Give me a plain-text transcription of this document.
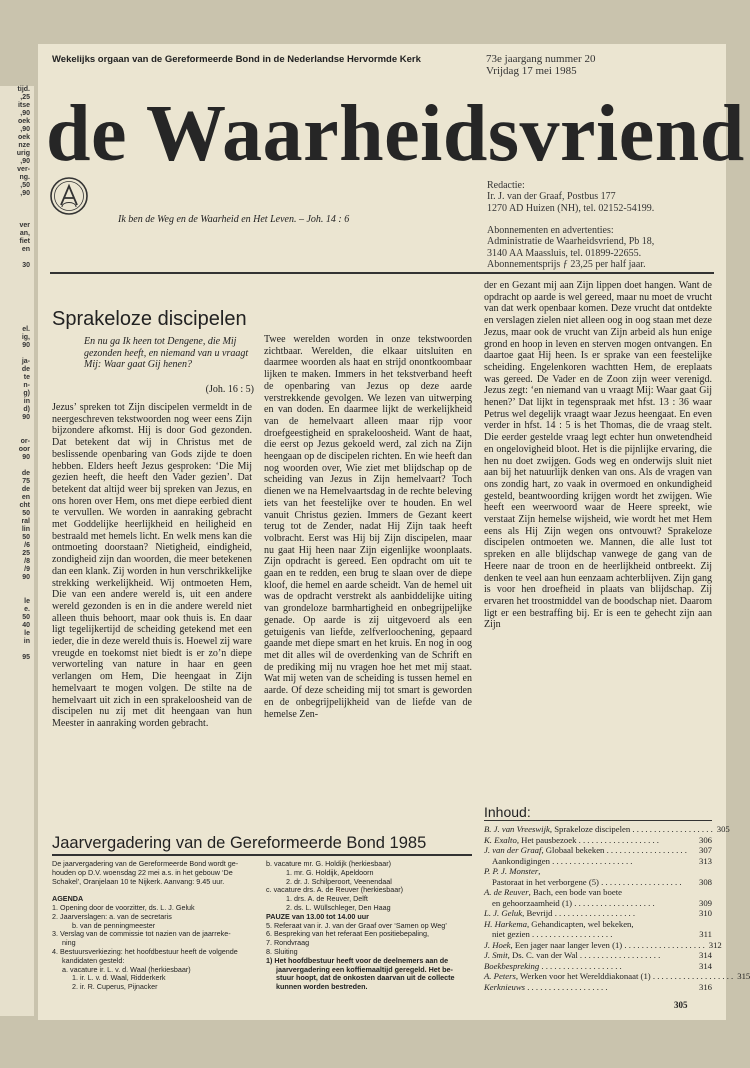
tijd.
,25
itse
,90
oek
,90
oek
nze
urig
,90
ver-
ng.
,50
,90

ver
an,
fiet
en

30

el.
ig,
90

ja-
de
te
n-
g)
in
d)
90

or-
oor
90

de
75
de
en
cht
50
ral
lin
50
/6
25
/8
/9
90

le
e.
50
40
le
in

95
Wekelijks orgaan van de Gereformeerde Bond in de Nederlandse Hervormde Kerk	73e jaargang nummer 20
Vrijdag 17 mei 1985
de Waarheidsvriend
Ik ben de Weg en de Waarheid en Het Leven. – Joh. 14 : 6
Redactie:
Ir. J. van der Graaf, Postbus 177
1270 AD Huizen (NH), tel. 02152-54199.

Abonnementen en advertenties:
Administratie de Waarheidsvriend, Pb 18,
3140 AA Maassluis, tel. 01899-22655.
Abonnementsprijs ƒ 23,25 per half jaar.
Sprakeloze discipelen
En nu ga Ik heen tot Dengene, die Mij gezonden heeft, en niemand van u vraagt Mij: Waar gaat Gij henen?
(Joh. 16 : 5)

Jezus’ spreken tot Zijn discipelen vermeldt in de neergeschreven tekstwoorden nog weer eens Zijn bijzondere afkomst. Hij is door God gezonden. Dat betekent dat wij in Christus met de beslissende openbaring van Gods zijde te doen hebben. Elders heeft Jezus gesproken: ‘Die Mij gezien heeft, die heeft den Vader gezien’. Dat betekent dat altijd weer bij spreken van Jezus, en ons horen over Hem, ons met diepe eerbied dient te vervullen. We worden in aanraking gebracht met Goddelijke heerlijkheid en heiligheid en bestraald met hemels licht. En welk mens kan die ontmoeting doorstaan? Nietigheid, eindigheid, zondigheid zijn dan woorden, die meer betekenen dan een klank. Zij worden in hun verschrikkelijke strekking werkelijkheid. Wij ontmoeten Hem, Die van een andere wereld is, uit een andere wereld gezonden is en in die andere wereld niet alleen thuis behoort, maar ook thuis is. En daar ligt tegelijkertijd de scheiding getekend met een ieder, die in deze wereld thuis is. Hoewel zij ware vreugde en toekomst niet biedt is er zo’n diepe verworteling van nature in haar en geen verlangen om Hem, Die heengaat in Zijn hemelvaart te mogen volgen. De stilte na de hemelvaart uit zich in een sprakeloosheid van de discipelen nu zij met dit heengaan van hun Meester in aanraking worden gebracht.

Twee werelden worden in onze tekstwoorden zichtbaar. Werelden, die elkaar uitsluiten en daarmee woorden als haat en strijd onontkoombaar lijken te maken. Immers in het tekstverband heeft de openbaring van Jezus op deze aarde verstrekkende gevolgen. We lezen van uitwerping en van doden. En daarmee lijkt de werkelijkheid van de hemelvaart alleen maar rijp voor droefgeestigheid en sprakeloosheid. Want de haat, die eerst op Jezus gekoeld werd, zal zich na Zijn heengaan op de discipelen richten. En wie heeft dan nog woorden over, Wie ziet met blijdschap op de scheiding van Jezus in Zijn hemelvaart? Toch dienen we na Hemelvaartsdag in de rechte beleving iets van het feestelijke over te houden. En wel vanuit Christus gezien. Immers de Gezant keert terug tot de Zender, nadat Hij Zijn taak heeft volbracht. Eerst was Hij bij Zijn discipelen, maar nu gaat Hij heen naar Zijn eigenlijke woonplaats. Zijn opdracht is gereed. Een opdracht om uit te gaan en te redden, een brug te slaan over de diepe kloof, die hemel en aarde scheidt. Van de hemel uit was de opdracht verstrekt als aanbiddelijke uiting van grondeloze barmhartigheid en onbegrijpelijke genade. Op aarde is zij uitgevoerd als een getuigenis van liefde, zelfverloochening, gepaard gaande met diepe smart en het kruis. En nog in oog met dit alles wil de overdenking van de Schrift en de prediking mij nu vragen hoe het met mij staat. Wat mij weten van de scheiding is tussen hemel en aarde. Of deze scheiding mij tot smart is geworden en de onbegrijpelijkheid van de liefde van de hemelse Zen-

der en Gezant mij aan Zijn lippen doet hangen. Want de opdracht op aarde is wel gereed, maar nu moet de vrucht van dat werk openbaar komen. Deze vrucht dat ontdekte en verslagen zielen niet alleen oog in oog staan met deze Jezus, maar ook de vrucht van Zijn arbeid als hun enige grond en hoop in leven en sterven mogen ontvangen. En daartoe gaat Hij heen. Is er sprake van een feestelijke scheiding. Engelenkoren wachtten Hem, de ereplaats was gereed. De Vader en de Zoon zijn weer verenigd. Jezus zegt: ‘en niemand van u vraagt Mij: Waar gaat Gij henen?’ Dat lijkt in tegenspraak met hfst. 13 : 36 waar Petrus wel degelijk vraagt waar Jezus heengaat. En even verder in hfst. 14 : 5 is het Thomas, die de vraag stelt. Die eerder gestelde vraag legt echter hun onwetendheid en ongelovigheid bloot. Het is die pijnlijke ervaring, die hen nu doet zwijgen. Gods weg en onderwijs sluit niet aan bij het natuurlijk denken van ons. Als de vragen van ons zondig hart, zo vaak in overmoed en onkundigheid gesteld, beantwoording krijgen wordt het zwijgen. Wie heeft een weerwoord waar de Heere spreekt, wie verstaat Zijn hemelse wijsheid, wie wordt het met Hem eens als Hij Zijn wegen ons ontvouwt? Sprakeloze discipelen ontmoeten we. Mannen, die alle lust tot spreken en alle blijdschap vanwege de gang van de Heere naar de troon en de heerlijkheid ontbreekt. Zij denken te veel aan hun eenzaam achterblijven. Zijn gang is voor hen droefheid in plaats van blijdschap. Zij ervaren het troostmiddel van de boodschap niet. Daarom ligt er een bestraffing bij. Er is een te gehecht zijn aan Zijn

Inhoud:
B. J. van Vreeswijk, Sprakeloze discipelen . . . . . . . . . . . . . . . . . . . 305
K. Exalto, Het pausbezoek . . . . . . . . . . . . . . . . . . .	306
J. van der Graaf, Globaal bekeken . . . . . . . . . . . . . . . . . . .	307
Aankondigingen . . . . . . . . . . . . . . . . . . .	313
P. P. J. Monster,
Pastoraat in het verborgene (5) . . . . . . . . . . . . . . . . . . .	308
A. de Reuver, Bach, een bode van boete
en gehoorzaamheid (1) . . . . . . . . . . . . . . . . . . .	309
L. J. Geluk, Bevrijd . . . . . . . . . . . . . . . . . . .	310
H. Harkema, Gehandicapten, wel bekeken,
niet gezien . . . . . . . . . . . . . . . . . . .	311
J. Hoek, Een jager naar langer leven (1) . . . . . . . . . . . . . . . . . . . 312
J. Smit, Ds. C. van der Wal . . . . . . . . . . . . . . . . . . .	314
Boekbespreking . . . . . . . . . . . . . . . . . . .	314
A. Peters, Werken voor het Werelddiakonaat (1) . . . . . . . . . . . . . . . . . . . 315
Kerknieuws . . . . . . . . . . . . . . . . . . .	316
Jaarvergadering van de Gereformeerde Bond 1985
De jaarvergadering van de Gereformeerde Bond wordt ge-
houden op D.V. woensdag 22 mei a.s. in het gebouw ‘De
Schakel’, Oranjelaan 10 te Nijkerk. Aanvang: 9.45 uur.

AGENDA
1. Opening door de voorzitter, ds. L. J. Geluk
2. Jaarverslagen: a. van de secretaris
b. van de penningmeester
3. Verslag van de commissie tot nazien van de jaarreke-
ning
4. Bestuursverkiezing: het hoofdbestuur heeft de volgende
kandidaten gesteld:
a. vacature ir. L. v. d. Waal (herkiesbaar)
1. ir. L. v. d. Waal, Ridderkerk
2. ir. R. Cuperus, Pijnacker
b. vacature mr. G. Holdijk (herkiesbaar)
1. mr. G. Holdijk, Apeldoorn
2. dr. J. Schilperoort, Veenendaal
c. vacature drs. A. de Reuver (herkiesbaar)
1. drs. A. de Reuver, Delft
2. ds. L. Wüllschleger, Den Haag
PAUZE van 13.00 tot 14.00 uur
5. Referaat van ir. J. van der Graaf over ‘Samen op Weg’
6. Bespreking van het referaat Een positiebepaling,
7. Rondvraag
8. Sluiting
1) Het hoofdbestuur heeft voor de deelnemers aan de
jaarvergadering een koffiemaaltijd geregeld. Het be-
stuur hoopt, dat de onkosten daarvan uit de collecte
kunnen worden bestreden.
305
